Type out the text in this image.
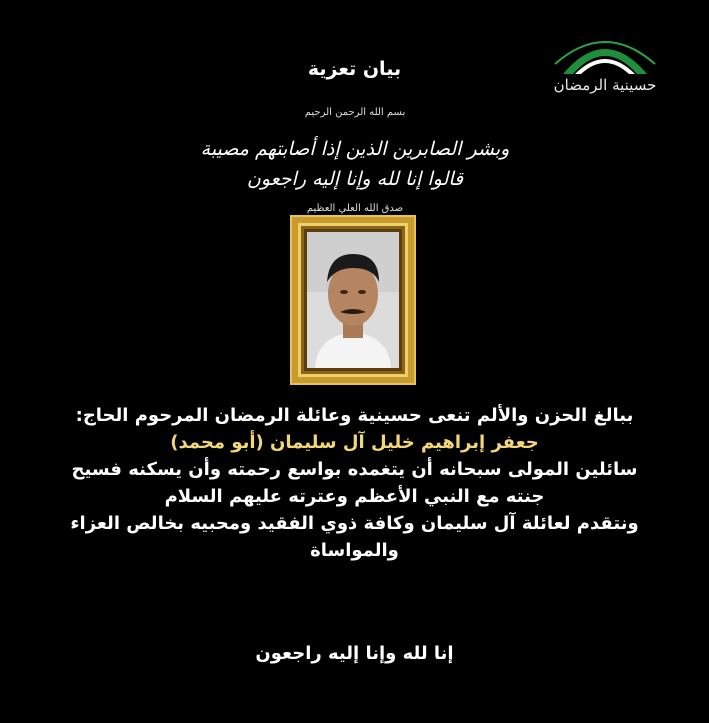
حسينية الرمضان
بيان تعزية
بسم الله الرحمن الرحيم
وبشر الصابرين الذين إذا أصابتهم مصيبة قالوا إنا لله وإنا إليه راجعون
صدق الله العلي العظيم
ببالغ الحزن والألم تنعى حسينية وعائلة الرمضان المرحوم الحاج:
جعفر إبراهيم خليل آل سليمان (أبو محمد)
سائلين المولى سبحانه أن يتغمده بواسع رحمته وأن يسكنه فسيح
جنته مع النبي الأعظم وعترته عليهم السلام
ونتقدم لعائلة آل سليمان وكافة ذوي الفقيد ومحبيه بخالص العزاء
والمواساة
إنا لله وإنا إليه راجعون
